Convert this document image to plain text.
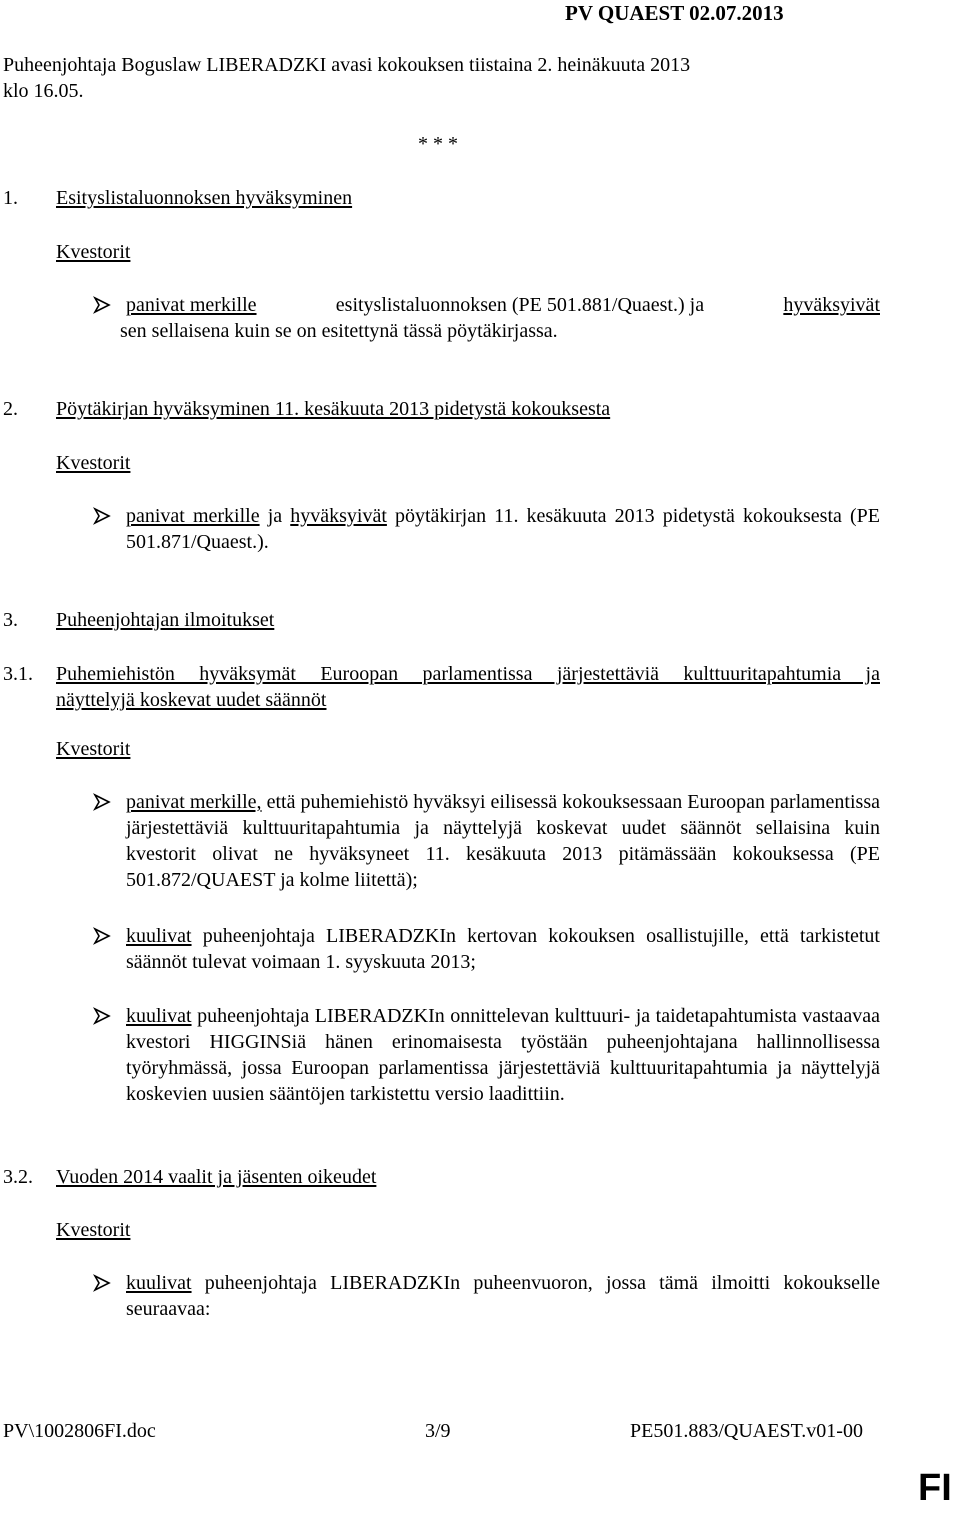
PV QUAEST 02.07.2013
Puheenjohtaja Boguslaw LIBERADZKI avasi kokouksen tiistaina 2. heinäkuuta 2013
klo 16.05.
* * *
1. Esityslistaluonnoksen hyväksyminen
Kvestorit
panivat merkille	esityslistaluonnoksen (PE 501.881/Quaest.) ja	hyväksyivät
sen sellaisena kuin se on esitettynä tässä pöytäkirjassa.
2. Pöytäkirjan hyväksyminen 11. kesäkuuta 2013 pidetystä kokouksesta
Kvestorit

panivat merkille ja hyväksyivät pöytäkirjan 11. kesäkuuta 2013 pidetystä kokouksesta (PE 501.871/Quaest.).

3. Puheenjohtajan ilmoitukset
3.1. Puhemiehistön hyväksymät Euroopan parlamentissa järjestettäviä kulttuuritapahtumia ja
näyttelyjä koskevat uudet säännöt
Kvestorit

panivat merkille, että puhemiehistö hyväksyi eilisessä kokouksessaan Euroopan parlamentissa järjestettäviä kulttuuritapahtumia ja näyttelyjä koskevat uudet säännöt sellaisina kuin kvestorit olivat ne hyväksyneet 11. kesäkuuta 2013 pitämässään kokouksessa (PE 501.872/QUAEST ja kolme liitettä);

kuulivat puheenjohtaja LIBERADZKIn kertovan kokouksen osallistujille, että tarkistetut säännöt tulevat voimaan 1. syyskuuta 2013;

kuulivat puheenjohtaja LIBERADZKIn onnittelevan kulttuuri- ja taidetapahtumista vastaavaa kvestori HIGGINSiä hänen erinomaisesta työstään puheenjohtajana hallinnollisessa työryhmässä, jossa Euroopan parlamentissa järjestettäviä kulttuuritapahtumia ja näyttelyjä koskevien uusien sääntöjen tarkistettu versio laadittiin.

3.2. Vuoden 2014 vaalit ja jäsenten oikeudet
Kvestorit

kuulivat puheenjohtaja LIBERADZKIn puheenvuoron, jossa tämä ilmoitti kokoukselle seuraavaa:

PV\1002806FI.doc	3/9	PE501.883/QUAEST.v01-00
FI
